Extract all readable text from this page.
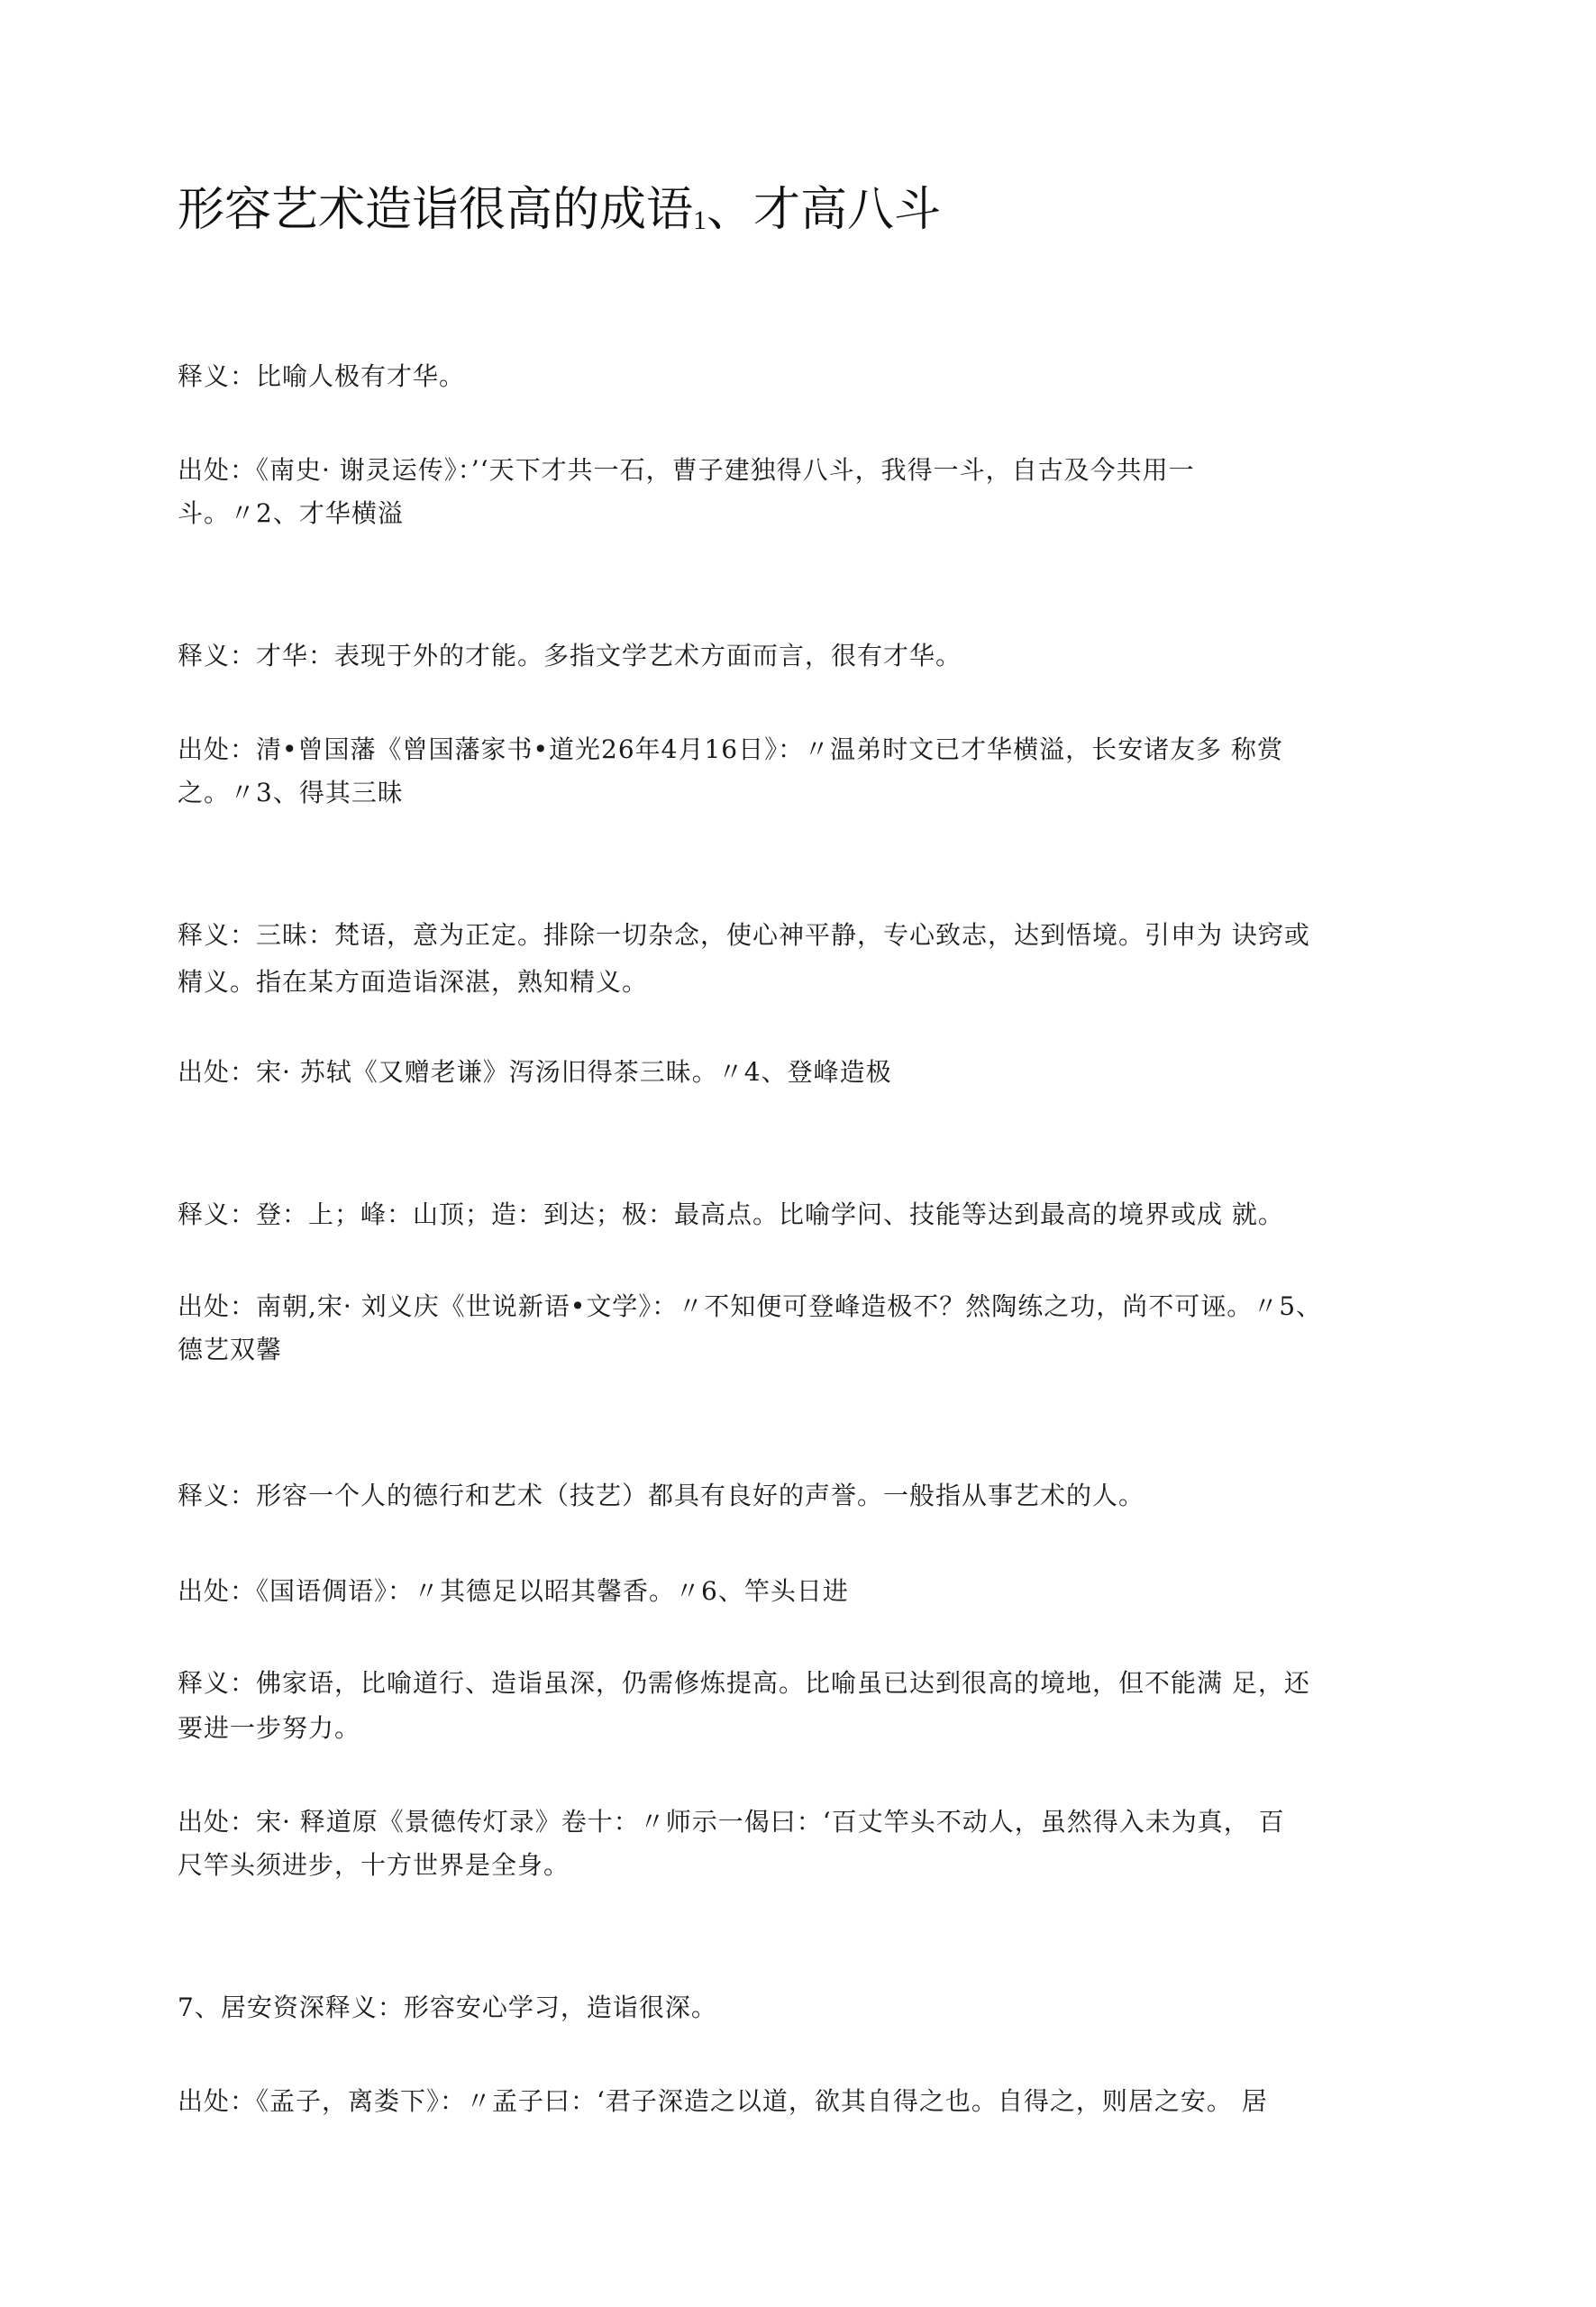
形容艺术造诣很高的成语1、才高八斗

释义：比喻人极有才华。

出处：《南史· 谢灵运传》：’‘天下才共一石，曹子建独得八斗，我得一斗，自古及今共用一

斗。〃2、才华横溢

释义：才华：表现于外的才能。多指文学艺术方面而言，很有才华。

出处：清•曾国藩《曾国藩家书•道光26年4月16日》：〃温弟时文已才华横溢，长安诸友多 称赏

之。〃3、得其三昧

释义：三昧：梵语，意为正定。排除一切杂念，使心神平静，专心致志，达到悟境。引申为 诀窍或

精义。指在某方面造诣深湛，熟知精义。

出处：宋· 苏轼《又赠老谦》泻汤旧得茶三昧。〃4、登峰造极

释义：登：上；峰：山顶；造：到达；极：最高点。比喻学问、技能等达到最高的境界或成 就。

出处：南朝,宋· 刘义庆《世说新语•文学》：〃不知便可登峰造极不？然陶练之功，尚不可诬。〃5、

德艺双馨

释义：形容一个人的德行和艺术（技艺）都具有良好的声誉。一般指从事艺术的人。

出处：《国语倜语》：〃其德足以昭其馨香。〃6、竿头日进

释义：佛家语，比喻道行、造诣虽深，仍需修炼提高。比喻虽已达到很高的境地，但不能满 足，还

要进一步努力。

出处：宋· 释道原《景德传灯录》卷十：〃师示一偈曰：‘百丈竿头不动人，虽然得入未为真， 百

尺竿头须进步，十方世界是全身。

7、居安资深释义：形容安心学习，造诣很深。

出处：《孟子，离娄下》：〃孟子曰：‘君子深造之以道，欲其自得之也。自得之，则居之安。 居
